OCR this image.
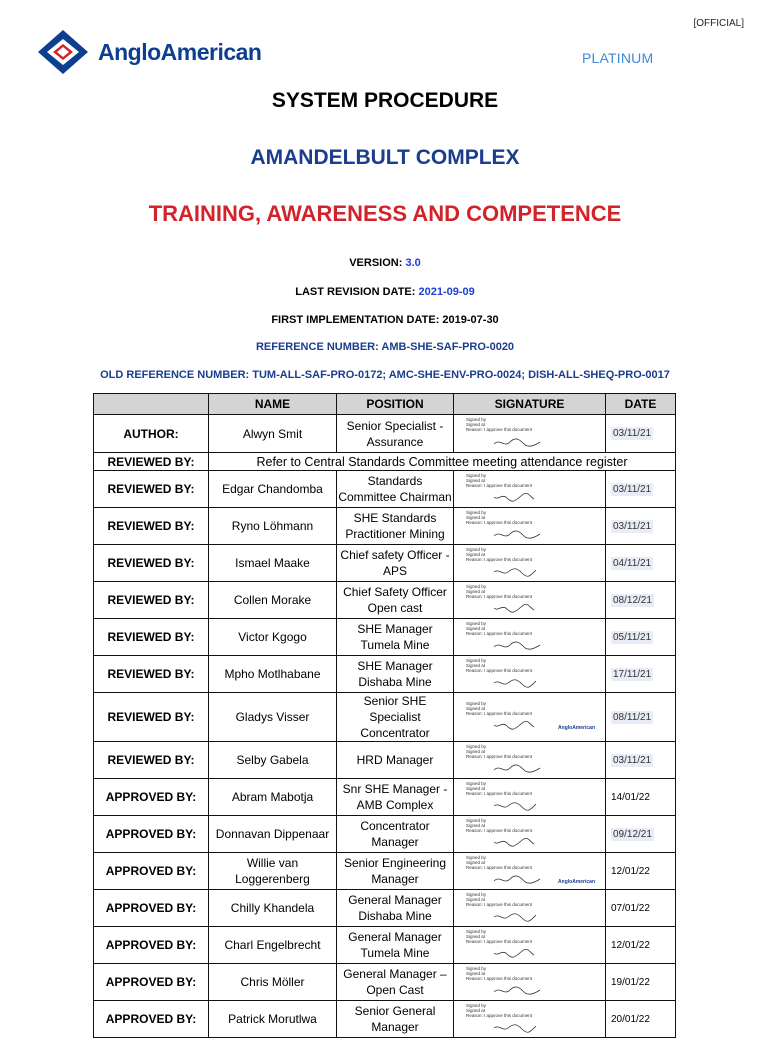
[OFFICIAL]
AngloAmerican	PLATINUM
SYSTEM PROCEDURE
AMANDELBULT COMPLEX
TRAINING, AWARENESS AND COMPETENCE
VERSION: 3.0
LAST REVISION DATE: 2021-09-09
FIRST IMPLEMENTATION DATE: 2019-07-30
REFERENCE NUMBER: AMB-SHE-SAF-PRO-0020
OLD REFERENCE NUMBER: TUM-ALL-SAF-PRO-0172; AMC-SHE-ENV-PRO-0024; DISH-ALL-SHEQ-PRO-0017
	NAME	POSITION	SIGNATURE	DATE
AUTHOR:	Alwyn Smit	Senior Specialist - Assurance	Signed by
Signed at
Reason: I approve this document	03/11/21
REVIEWED BY:	Refer to Central Standards Committee meeting attendance register			
REVIEWED BY:	Edgar Chandomba	Standards Committee Chairman	Signed by
Signed at
Reason: I approve this document	03/11/21
REVIEWED BY:	Ryno Löhmann	SHE Standards Practitioner Mining	Signed by
Signed at
Reason: I approve this document	03/11/21
REVIEWED BY:	Ismael Maake	Chief safety Officer - APS	Signed by
Signed at
Reason: I approve this document	04/11/21
REVIEWED BY:	Collen Morake	Chief Safety Officer Open cast	Signed by
Signed at
Reason: I approve this document	08/12/21
REVIEWED BY:	Victor Kgogo	SHE Manager Tumela Mine	Signed by
Signed at
Reason: I approve this document	05/11/21
REVIEWED BY:	Mpho Motlhabane	SHE Manager Dishaba Mine	Signed by
Signed at
Reason: I approve this document	17/11/21
REVIEWED BY:	Gladys Visser	Senior SHE Specialist Concentrator	Signed by
Signed at
Reason: I approve this document
AngloAmerican	08/11/21
REVIEWED BY:	Selby Gabela	HRD Manager	Signed by
Signed at
Reason: I approve this document	03/11/21
APPROVED BY:	Abram Mabotja	Snr SHE Manager - AMB Complex	Signed by
Signed at
Reason: I approve this document	14/01/22
APPROVED BY:	Donnavan Dippenaar	Concentrator Manager	Signed by
Signed at
Reason: I approve this document	09/12/21
APPROVED BY:	Willie van Loggerenberg	Senior Engineering Manager	Signed by
Signed at
Reason: I approve this document
AngloAmerican	12/01/22
APPROVED BY:	Chilly Khandela	General Manager Dishaba Mine	Signed by
Signed at
Reason: I approve this document	07/01/22
APPROVED BY:	Charl Engelbrecht	General Manager Tumela Mine	Signed by
Signed at
Reason: I approve this document	12/01/22
APPROVED BY:	Chris Möller	General Manager – Open Cast	Signed by
Signed at
Reason: I approve this document	19/01/22
APPROVED BY:	Patrick Morutlwa	Senior General Manager	Signed by
Signed at
Reason: I approve this document	20/01/22
